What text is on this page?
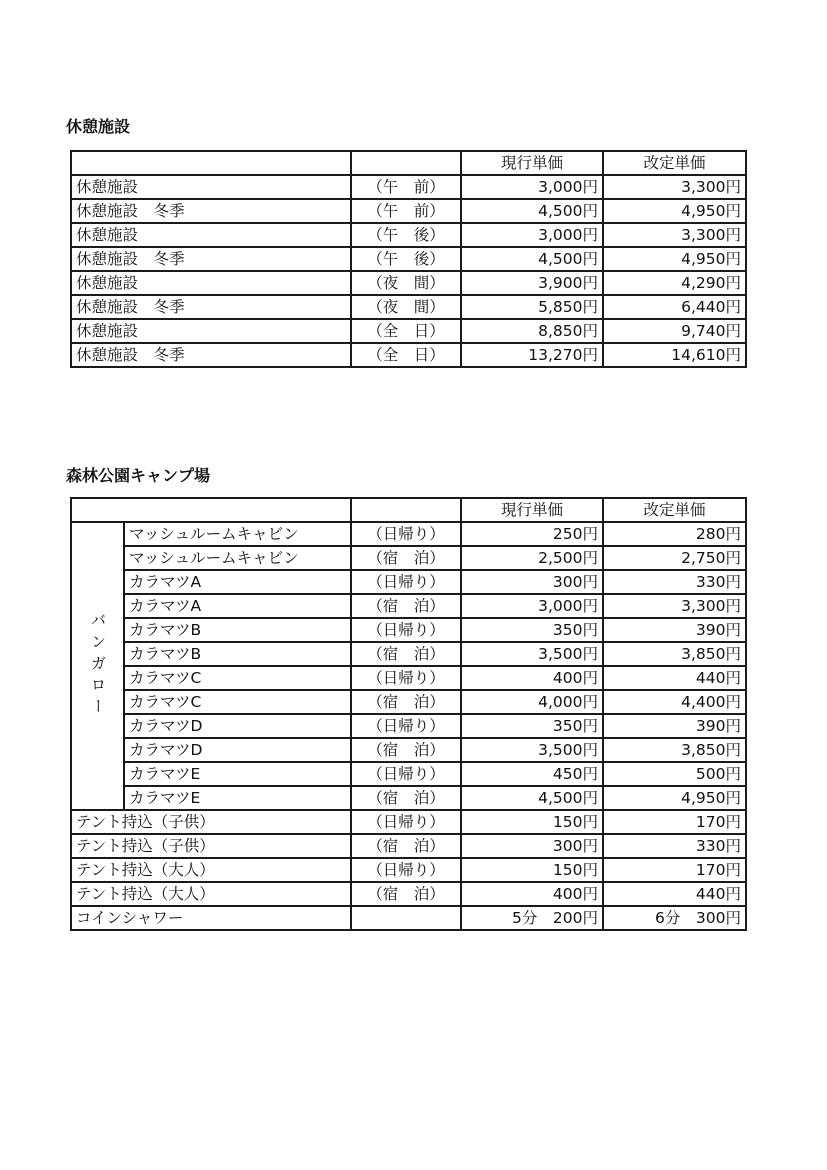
休憩施設
		現行単価	改定単価
休憩施設	（午　前）	3,000円	3,300円
休憩施設　冬季	（午　前）	4,500円	4,950円
休憩施設	（午　後）	3,000円	3,300円
休憩施設　冬季	（午　後）	4,500円	4,950円
休憩施設	（夜　間）	3,900円	4,290円
休憩施設　冬季	（夜　間）	5,850円	6,440円
休憩施設	（全　日）	8,850円	9,740円
休憩施設　冬季	（全　日）	13,270円	14,610円
森林公園キャンプ場
			現行単価	改定単価
バンガロー	マッシュルームキャビン	（日帰り）	250円	280円
	マッシュルームキャビン	（宿　泊）	2,500円	2,750円
	カラマツA	（日帰り）	300円	330円
	カラマツA	（宿　泊）	3,000円	3,300円
	カラマツB	（日帰り）	350円	390円
	カラマツB	（宿　泊）	3,500円	3,850円
	カラマツC	（日帰り）	400円	440円
	カラマツC	（宿　泊）	4,000円	4,400円
	カラマツD	（日帰り）	350円	390円
	カラマツD	（宿　泊）	3,500円	3,850円
	カラマツE	（日帰り）	450円	500円
	カラマツE	（宿　泊）	4,500円	4,950円
テント持込（子供）		（日帰り）	150円	170円
テント持込（子供）		（宿　泊）	300円	330円
テント持込（大人）		（日帰り）	150円	170円
テント持込（大人）		（宿　泊）	400円	440円
コインシャワー			5分　200円	6分　300円
